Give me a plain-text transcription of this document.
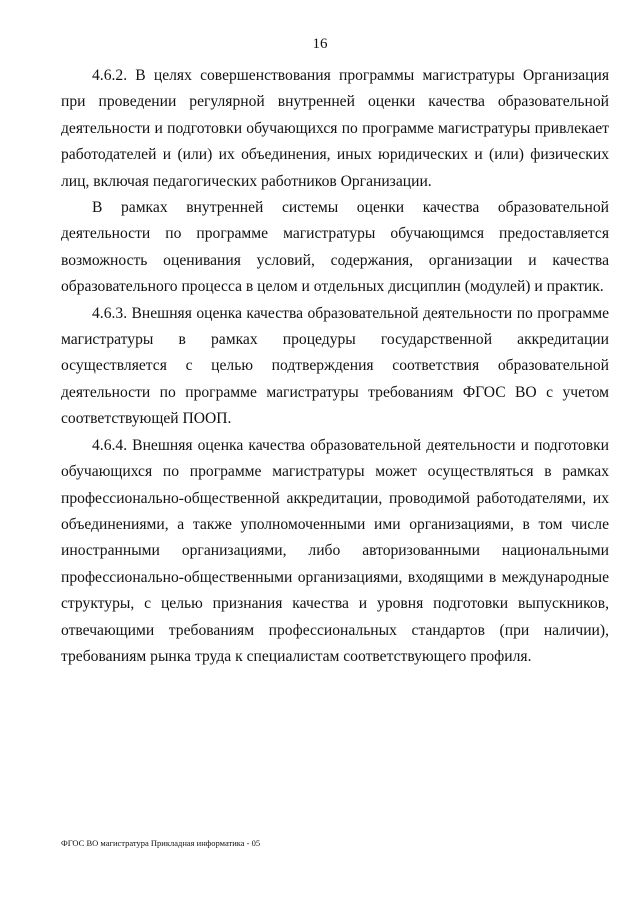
16

4.6.2. В целях совершенствования программы магистратуры Организация при проведении регулярной внутренней оценки качества образовательной деятельности и подготовки обучающихся по программе магистратуры привлекает работодателей и (или) их объединения, иных юридических и (или) физических лиц, включая педагогических работников Организации.

В рамках внутренней системы оценки качества образовательной деятельности по программе магистратуры обучающимся предоставляется возможность оценивания условий, содержания, организации и качества образовательного процесса в целом и отдельных дисциплин (модулей) и практик.

4.6.3. Внешняя оценка качества образовательной деятельности по программе магистратуры в рамках процедуры государственной аккредитации осуществляется с целью подтверждения соответствия образовательной деятельности по программе магистратуры требованиям ФГОС ВО с учетом соответствующей ПООП.

4.6.4. Внешняя оценка качества образовательной деятельности и подготовки обучающихся по программе магистратуры может осуществляться в рамках профессионально-общественной аккредитации, проводимой работодателями, их объединениями, а также уполномоченными ими организациями, в том числе иностранными организациями, либо авторизованными национальными профессионально-общественными организациями, входящими в международные структуры, с целью признания качества и уровня подготовки выпускников, отвечающими требованиям профессиональных стандартов (при наличии), требованиям рынка труда к специалистам соответствующего профиля.

ФГОС ВО магистратура Прикладная информатика - 05
